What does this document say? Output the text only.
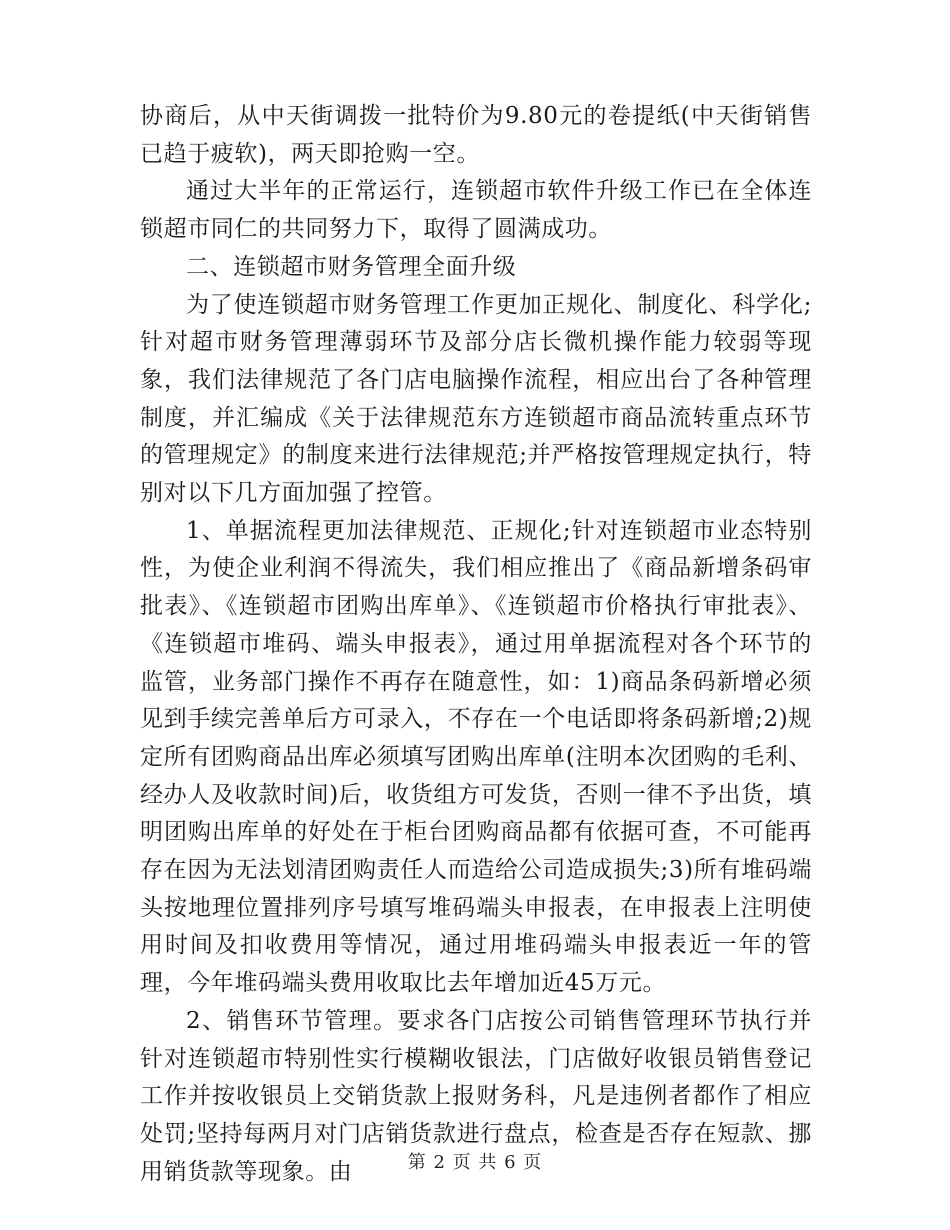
协商后，从中天街调拨一批特价为9.80元的卷提纸(中天街销售已趋于疲软)，两天即抢购一空。

通过大半年的正常运行，连锁超市软件升级工作已在全体连锁超市同仁的共同努力下，取得了圆满成功。

二、连锁超市财务管理全面升级

为了使连锁超市财务管理工作更加正规化、制度化、科学化;针对超市财务管理薄弱环节及部分店长微机操作能力较弱等现象，我们法律规范了各门店电脑操作流程，相应出台了各种管理制度，并汇编成《关于法律规范东方连锁超市商品流转重点环节的管理规定》的制度来进行法律规范;并严格按管理规定执行，特别对以下几方面加强了控管。

1、单据流程更加法律规范、正规化;针对连锁超市业态特别性，为使企业利润不得流失，我们相应推出了《商品新增条码审批表》、《连锁超市团购出库单》、《连锁超市价格执行审批表》、《连锁超市堆码、端头申报表》，通过用单据流程对各个环节的监管，业务部门操作不再存在随意性，如：1)商品条码新增必须见到手续完善单后方可录入，不存在一个电话即将条码新增;2)规定所有团购商品出库必须填写团购出库单(注明本次团购的毛利、经办人及收款时间)后，收货组方可发货，否则一律不予出货，填明团购出库单的好处在于柜台团购商品都有依据可查，不可能再存在因为无法划清团购责任人而造给公司造成损失;3)所有堆码端头按地理位置排列序号填写堆码端头申报表，在申报表上注明使用时间及扣收费用等情况，通过用堆码端头申报表近一年的管理，今年堆码端头费用收取比去年增加近45万元。

2、销售环节管理。要求各门店按公司销售管理环节执行并针对连锁超市特别性实行模糊收银法，门店做好收银员销售登记工作并按收银员上交销货款上报财务科，凡是违例者都作了相应处罚;坚持每两月对门店销货款进行盘点，检查是否存在短款、挪用销货款等现象。由	第 2 页 共 6 页
